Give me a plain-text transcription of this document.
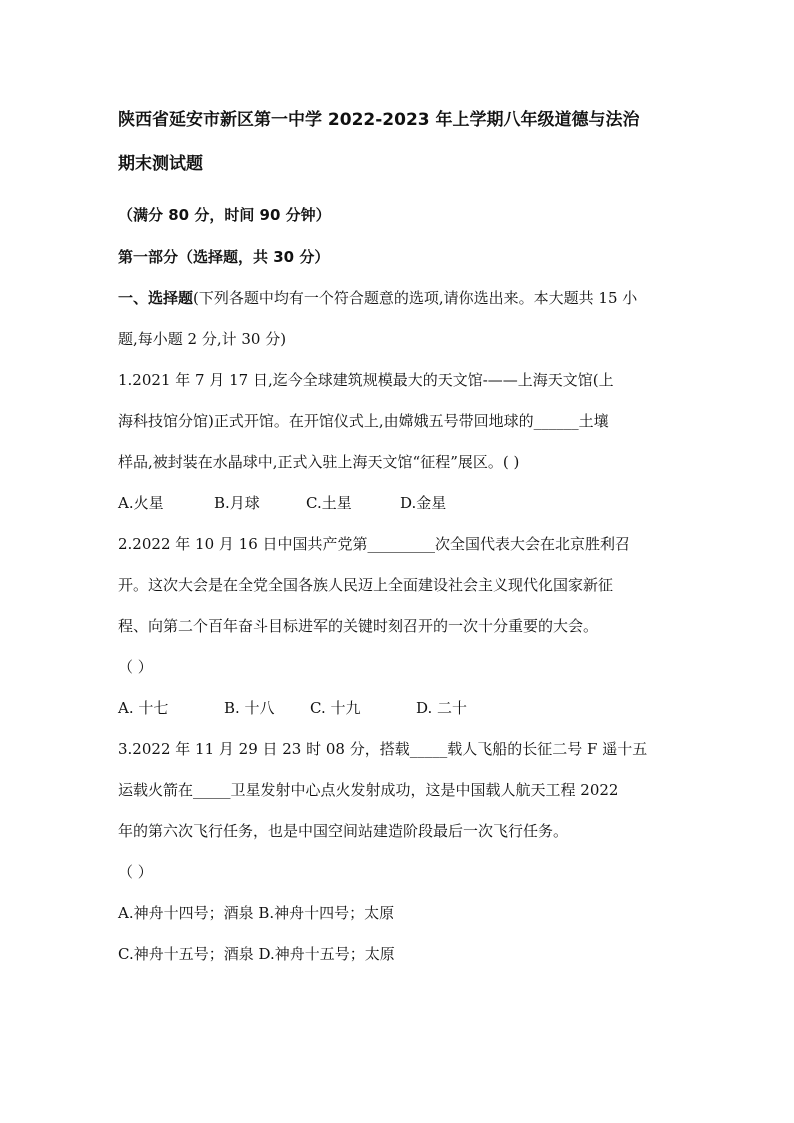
陕西省延安市新区第一中学 2022-2023 年上学期八年级道德与法治

期末测试题

（满分 80 分，时间 90 分钟）

第一部分（选择题，共 30 分）

一、选择题(下列各题中均有一个符合题意的选项,请你选出来。本大题共 15 小
题,每小题 2 分,计 30 分)

1.2021 年 7 月 17 日,迄今全球建筑规模最大的天文馆-——上海天文馆(上
海科技馆分馆)正式开馆。在开馆仪式上,由嫦娥五号带回地球的______土壤
样品,被封装在水晶球中,正式入驻上海天文馆“征程”展区。( )

A.火星	B.月球	C.土星	D.金星

2.2022 年 10 月 16 日中国共产党第_________次全国代表大会在北京胜利召
开。这次大会是在全党全国各族人民迈上全面建设社会主义现代化国家新征
程、向第二个百年奋斗目标进军的关键时刻召开的一次十分重要的大会。
（ ）

A. 十七	B. 十八 C. 十九	D. 二十

3.2022 年 11 月 29 日 23 时 08 分，搭载_____载人飞船的长征二号 F 遥十五
运载火箭在_____卫星发射中心点火发射成功，这是中国载人航天工程 2022
年的第六次飞行任务，也是中国空间站建造阶段最后一次飞行任务。
（ ）

A.神舟十四号；酒泉 B.神舟十四号；太原

C.神舟十五号；酒泉 D.神舟十五号；太原
